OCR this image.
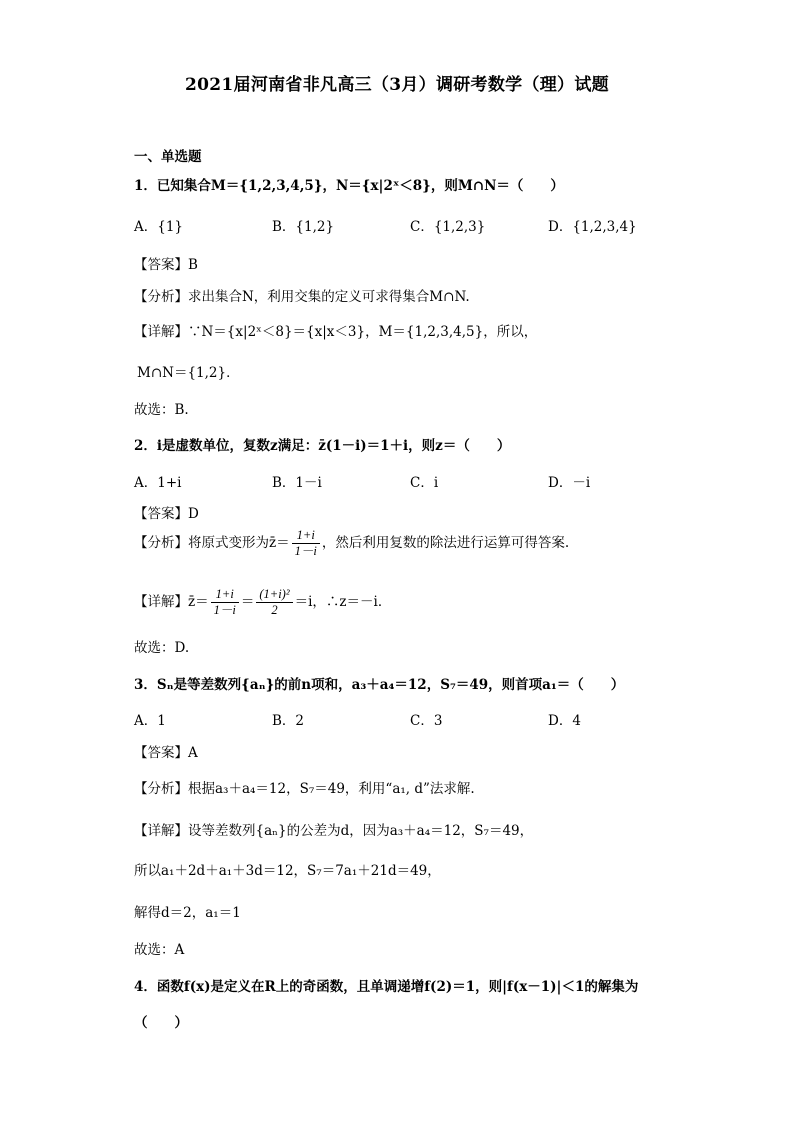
2021届河南省非凡高三（3月）调研考数学（理）试题
一、单选题
1．已知集合M＝{1,2,3,4,5}，N＝{x|2ˣ＜8}，则M∩N＝（　　）
A．{1}	B．{1,2}	C．{1,2,3}	D．{1,2,3,4}
【答案】B
【分析】求出集合N，利用交集的定义可求得集合M∩N.
【详解】∵N＝{x|2ˣ＜8}＝{x|x＜3}，M＝{1,2,3,4,5}，所以，
M∩N＝{1,2}．
故选：B.
2．i是虚数单位，复数z满足：z̄(1－i)＝1＋i，则z＝（　　）
A．1+i	B．1－i	C．i	D．－i
【答案】D
【分析】将原式变形为z̄＝ $\frac{1+i}{1-i}$ ，然后利用复数的除法进行运算可得答案.
【详解】z̄＝ $\frac{1+i}{1-i} = \frac{\text{(1+i)²}}{2} =i$，∴z＝－i．
故选：D.
3．Sₙ是等差数列{aₙ}的前n项和，a₃＋a₄＝12，S₇＝49，则首项a₁＝（　　）
A．1	B．2	C．3	D．4
【答案】A
【分析】根据a₃＋a₄＝12，S₇＝49，利用“a₁, d”法求解.
【详解】设等差数列{aₙ}的公差为d，因为a₃＋a₄＝12，S₇＝49，
所以a₁＋2d＋a₁＋3d＝12，S₇＝7a₁＋21d＝49，
解得d＝2，a₁＝1
故选：A
4．函数f(x)是定义在R上的奇函数，且单调递增f(2)＝1，则|f(x－1)|＜1的解集为
（　　）
